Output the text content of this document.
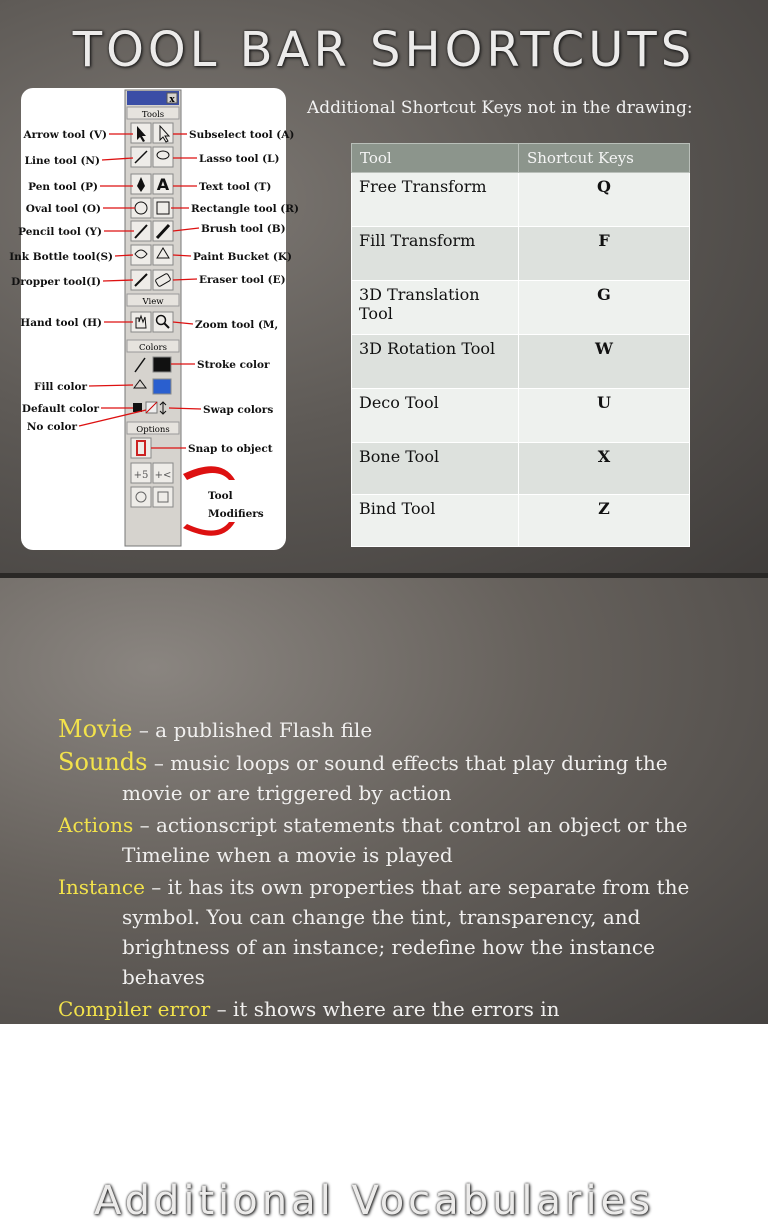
TOOL BAR SHORTCUTS
Additional Shortcut Keys not in the drawing:
x
Tools
A
View
Colors
Options
+5 +<
Arrow tool (V)
Line tool (N)
Pen tool (P)
Oval tool (O)
Pencil tool (Y)
Ink Bottle tool(S)
Dropper tool(I)
Hand tool (H)
Fill color
Default color
No color
Subselect tool (A)
Lasso tool (L)
Text tool (T)
Rectangle tool (R)
Brush tool (B)
Paint Bucket (K)
Eraser tool (E)
Zoom tool (M,
Stroke color
Swap colors
Snap to object
Tool
Modifiers
Tool	Shortcut Keys
Free Transform	Q
Fill Transform	F
3D Translation Tool	G
3D Rotation Tool	W
Deco Tool	U
Bone Tool	X
Bind Tool	Z
Additional Vocabularies

Movie – a published Flash file

Sounds – music loops or sound effects that play during the movie or are triggered by action

Actions – actionscript statements that control an object or the Timeline when a movie is played

Instance – it has its own properties that are separate from the symbol. You can change the tint, transparency, and brightness of an instance; redefine how the instance behaves

Compiler error – it shows where are the errors in
